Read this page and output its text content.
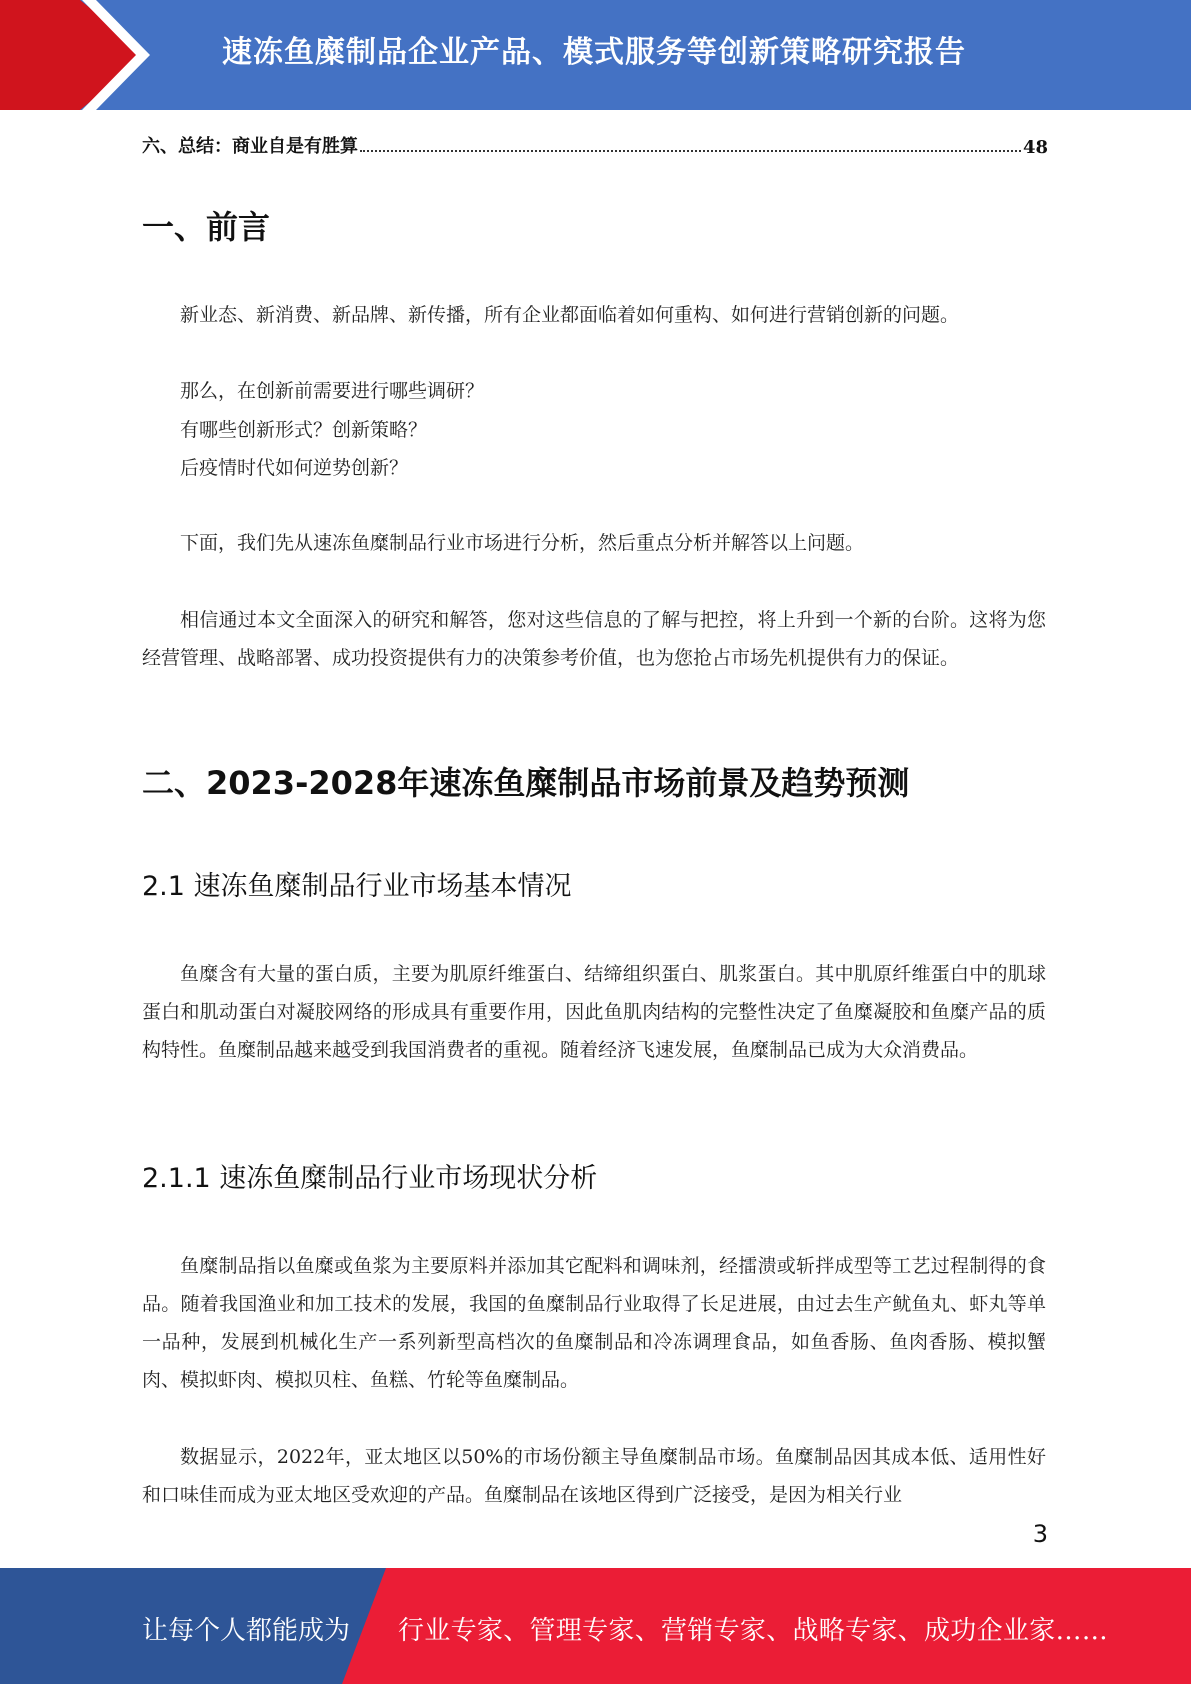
速冻鱼糜制品企业产品、模式服务等创新策略研究报告
六、总结：商业自是有胜算	48
一、前言

新业态、新消费、新品牌、新传播，所有企业都面临着如何重构、如何进行营销创新的问题。

那么，在创新前需要进行哪些调研？
有哪些创新形式？创新策略？
后疫情时代如何逆势创新？

下面，我们先从速冻鱼糜制品行业市场进行分析，然后重点分析并解答以上问题。

相信通过本文全面深入的研究和解答，您对这些信息的了解与把控，将上升到一个新的台阶。这将为您经营管理、战略部署、成功投资提供有力的决策参考价值，也为您抢占市场先机提供有力的保证。

二、2023-2028年速冻鱼糜制品市场前景及趋势预测
2.1 速冻鱼糜制品行业市场基本情况

鱼糜含有大量的蛋白质，主要为肌原纤维蛋白、结缔组织蛋白、肌浆蛋白。其中肌原纤维蛋白中的肌球蛋白和肌动蛋白对凝胶网络的形成具有重要作用，因此鱼肌肉结构的完整性决定了鱼糜凝胶和鱼糜产品的质构特性。鱼糜制品越来越受到我国消费者的重视。随着经济飞速发展，鱼糜制品已成为大众消费品。

2.1.1 速冻鱼糜制品行业市场现状分析

鱼糜制品指以鱼糜或鱼浆为主要原料并添加其它配料和调味剂，经擂溃或斩拌成型等工艺过程制得的食品。随着我国渔业和加工技术的发展，我国的鱼糜制品行业取得了长足进展，由过去生产鱿鱼丸、虾丸等单一品种，发展到机械化生产一系列新型高档次的鱼糜制品和冷冻调理食品，如鱼香肠、鱼肉香肠、模拟蟹肉、模拟虾肉、模拟贝柱、鱼糕、竹轮等鱼糜制品。

数据显示，2022年，亚太地区以50%的市场份额主导鱼糜制品市场。鱼糜制品因其成本低、适用性好和口味佳而成为亚太地区受欢迎的产品。鱼糜制品在该地区得到广泛接受，是因为相关行业

3
让每个人都能成为 行业专家、管理专家、营销专家、战略专家、成功企业家……
